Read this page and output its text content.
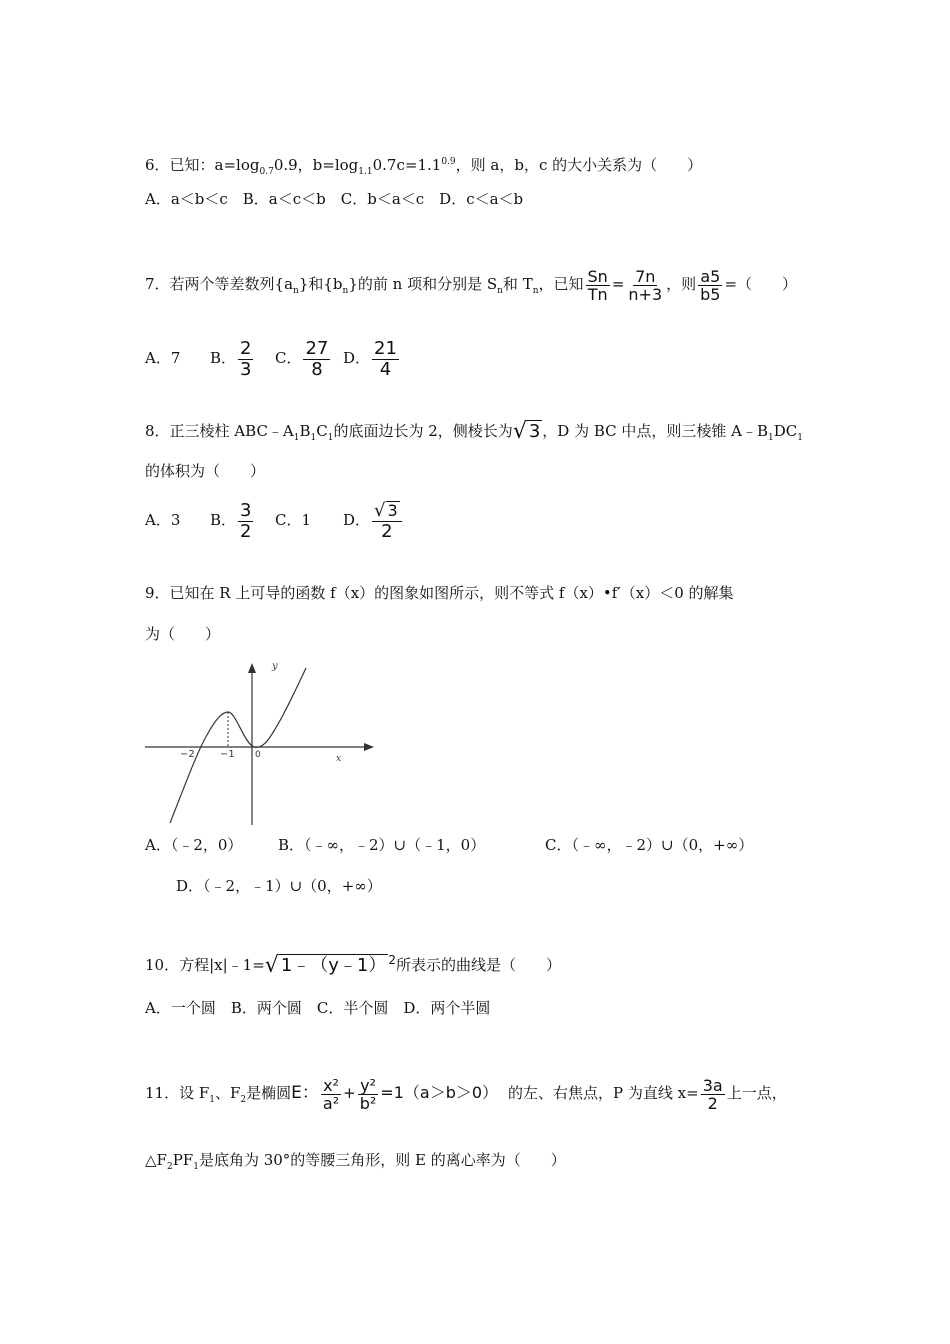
6．已知：$a=\log_{0.7}0.9$，$b=\log_{1.1}0.7c=1.1^{0.9}$，则 a，b，c 的大小关系为（　　）
A．a＜b＜c　B．a＜c＜b　C．b＜a＜c　D．c＜a＜b
7．若两个等差数列$\{a_n\}$和$\{b_n\}$的前 n 项和分别是 $S_n$和 $T_n$，已知 $\frac{Sn}{Tn} = \frac{7n}{n+3}$ ，则 $\frac{a5}{b5}$ =（　　）
A．7 B． $\frac{2}{3}$ C． $\frac{27}{8}$ D． $\frac{21}{4}$
8．正三棱柱 $ABC﹣A_1B_1C_1$的底面边长为 2，侧棱长为 √ 3 ，D 为 BC 中点，则三棱锥 $A﹣B_1DC_1$
的体积为（　　）
A．3 B． $\frac{3}{2}$ C．1 D． $\frac{√ 3}{2}$
9．已知在 R 上可导的函数 f（x）的图象如图所示，则不等式 f（x）•f′（x）＜0 的解集
为（　　）
y
x
−2	−1 0
A．（﹣2，0） B．（﹣∞，﹣2）∪（﹣1，0）	C．（﹣∞，﹣2）∪（0，+∞）
D．（﹣2，﹣1）∪（0，+∞）
10．方程|x|﹣1= √ 1﹣（y﹣1） $^2$所表示的曲线是（　　）
A．一个圆　B．两个圆　C．半个圆　D．两个半圆
11．设 $F_1$、$F_2$是椭圆E： $\frac{\text{x²}}{\text{a²}} + \frac{\text{y²}}{\text{b²}} =1(a>b>0)$ 的左、右焦点，P 为直线 $x= \frac{3a}{2}$ 上一点，
$\triangle F_2PF_1$是底角为 30°的等腰三角形，则 E 的离心率为（　　）
